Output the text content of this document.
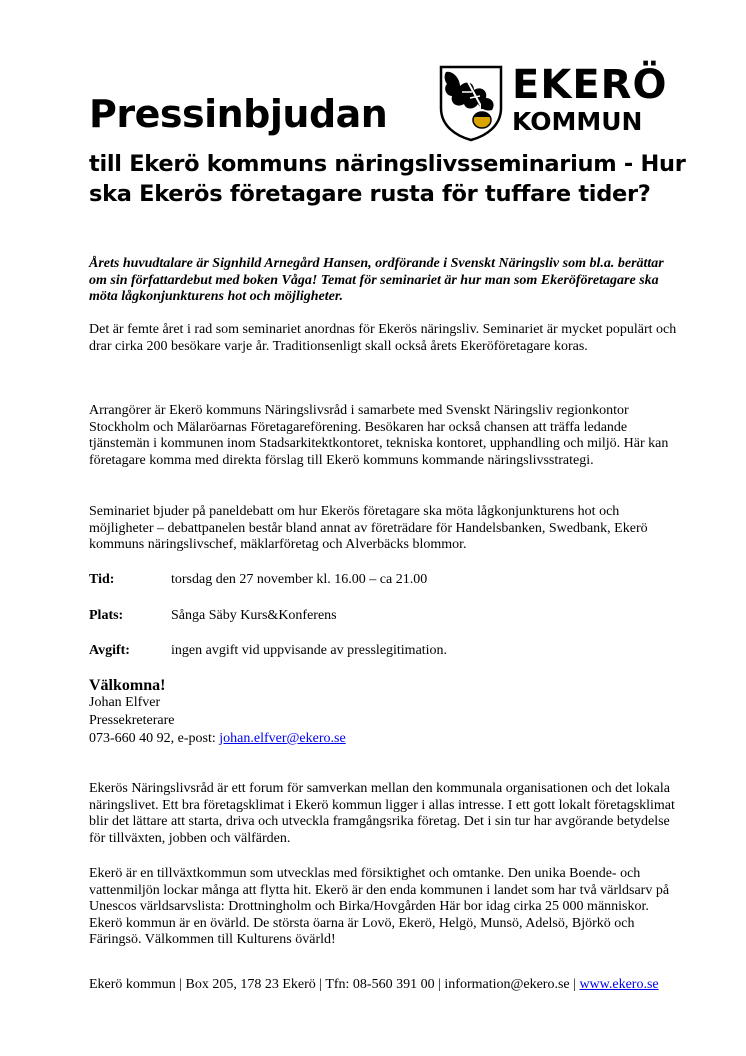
EKERÖ
KOMMUN
Pressinbjudan
till Ekerö kommuns näringslivsseminarium - Hur ska Ekerös företagare rusta för tuffare tider?

Årets huvudtalare är Signhild Arnegård Hansen, ordförande i Svenskt Näringsliv som bl.a. berättar om sin författardebut med boken Våga! Temat för seminariet är hur man som Ekeröföretagare ska möta lågkonjunkturens hot och möjligheter.

Det är femte året i rad som seminariet anordnas för Ekerös näringsliv. Seminariet är mycket populärt och drar cirka 200 besökare varje år. Traditionsenligt skall också årets Ekeröföretagare koras.

Arrangörer är Ekerö kommuns Näringslivsråd i samarbete med Svenskt Näringsliv regionkontor Stockholm och Mälaröarnas Företagareförening. Besökaren har också chansen att träffa ledande tjänstemän i kommunen inom Stadsarkitektkontoret, tekniska kontoret, upphandling och miljö. Här kan företagare komma med direkta förslag till Ekerö kommuns kommande näringslivsstrategi.

Seminariet bjuder på paneldebatt om hur Ekerös företagare ska möta lågkonjunkturens hot och möjligheter – debattpanelen består bland annat av företrädare för Handelsbanken, Swedbank, Ekerö kommuns näringslivschef, mäklarföretag och Alverbäcks blommor.

Tid:	torsdag den 27 november kl. 16.00 – ca 21.00
Plats:	Sånga Säby Kurs&Konferens
Avgift:	ingen avgift vid uppvisande av presslegitimation.

Välkomna!

Johan Elfver
Pressekreterare
073-660 40 92, e-post: johan.elfver@ekero.se

Ekerös Näringslivsråd är ett forum för samverkan mellan den kommunala organisationen och det lokala näringslivet. Ett bra företagsklimat i Ekerö kommun ligger i allas intresse. I ett gott lokalt företagsklimat blir det lättare att starta, driva och utveckla framgångsrika företag. Det i sin tur har avgörande betydelse för tillväxten, jobben och välfärden.

Ekerö är en tillväxtkommun som utvecklas med försiktighet och omtanke. Den unika Boende- och vattenmiljön lockar många att flytta hit. Ekerö är den enda kommunen i landet som har två världsarv på Unescos världsarvslista: Drottningholm och Birka/Hovgården Här bor idag cirka 25 000 människor. Ekerö kommun är en övärld. De största öarna är Lovö, Ekerö, Helgö, Munsö, Adelsö, Björkö och Färingsö. Välkommen till Kulturens övärld!

Ekerö kommun | Box 205, 178 23 Ekerö | Tfn: 08-560 391 00 | information@ekero.se | www.ekero.se
